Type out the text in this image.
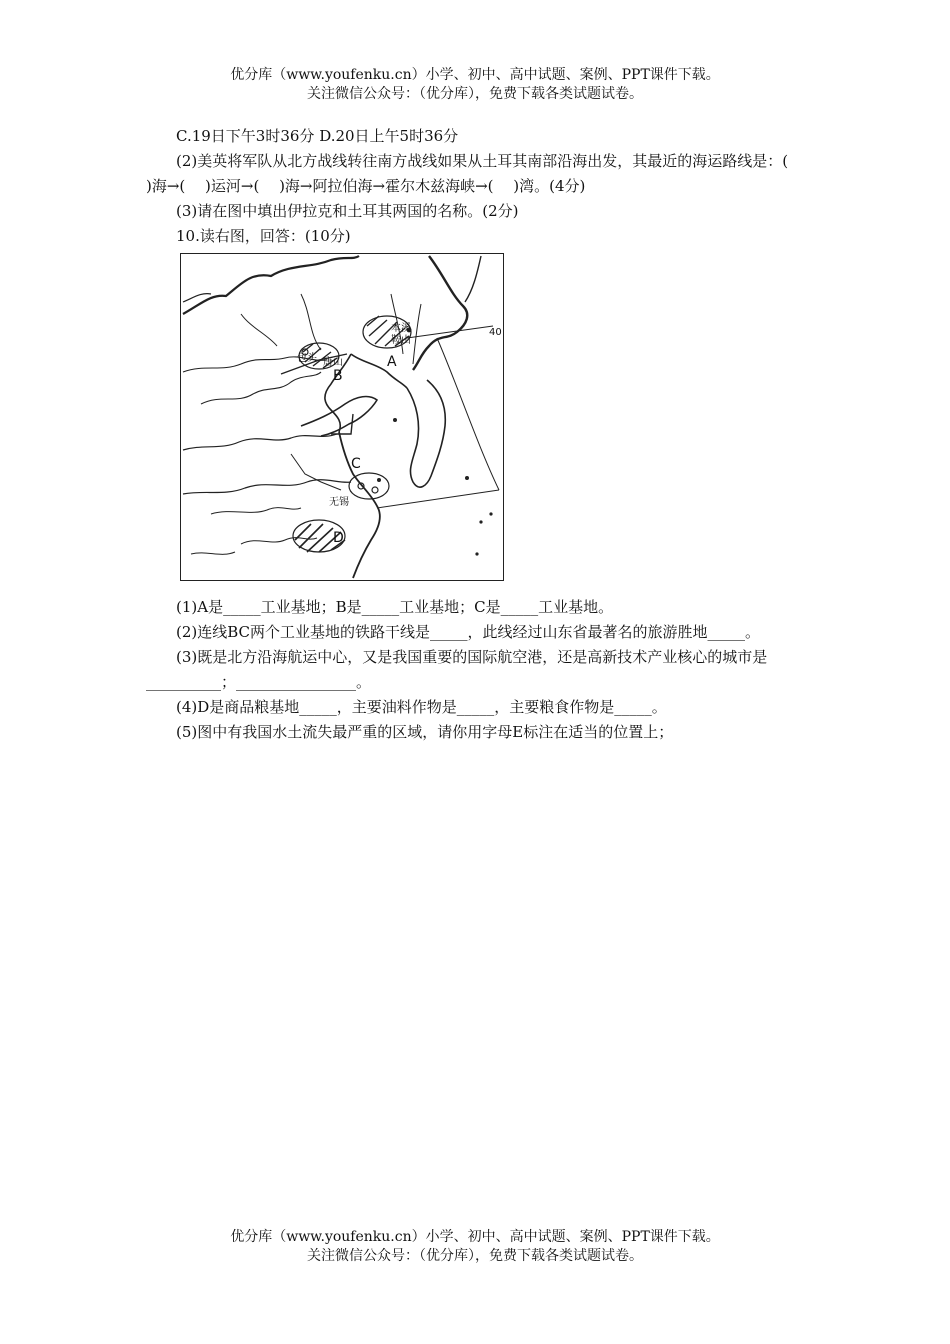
优分库（www.youfenku.cn）小学、初中、高中试题、案例、PPT课件下载。
关注微信公众号：（优分库），免费下载各类试题试卷。

C.19日下午3时36分 D.20日上午5时36分

(2)美英将军队从北方战线转往南方战线如果从土耳其南部沿海出发，其最近的海运路线是：(　 )海→(　 )运河→(　 )海→阿拉伯海→霍尔木兹海峡→(　 )湾。(4分)

(3)请在图中填出伊拉克和土耳其两国的名称。(2分)

10.读右图，回答：(10分)

A
B
C
D
40
唐山
无锡
本溪
鞍山
包头

(1)A是_____工业基地；B是_____工业基地；C是_____工业基地。

(2)连线BC两个工业基地的铁路干线是_____，此线经过山东省最著名的旅游胜地_____。

(3)既是北方沿海航运中心，又是我国重要的国际航空港，还是高新技术产业核心的城市是__________；________________。

(4)D是商品粮基地_____，主要油料作物是_____，主要粮食作物是_____。

(5)图中有我国水土流失最严重的区域，请你用字母E标注在适当的位置上；

优分库（www.youfenku.cn）小学、初中、高中试题、案例、PPT课件下载。
关注微信公众号：（优分库），免费下载各类试题试卷。
